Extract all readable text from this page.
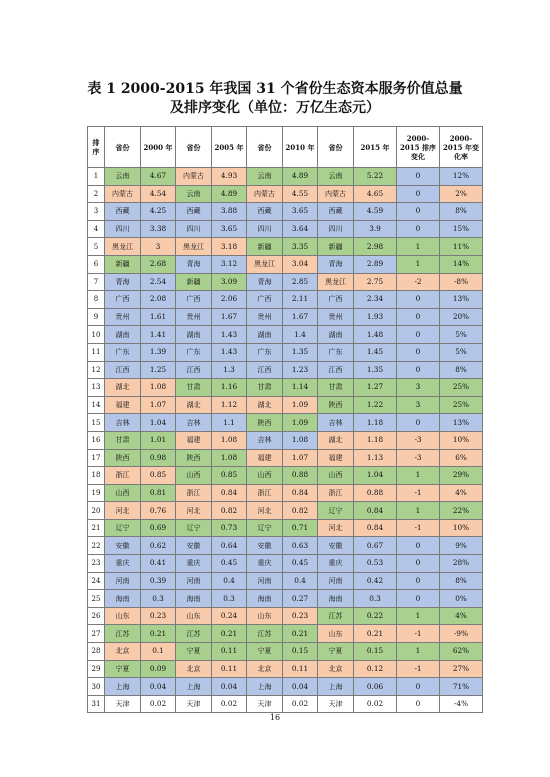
表 1 2000-2015 年我国 31 个省份生态资本服务价值总量
及排序变化（单位：万亿生态元）
排序	省份	2000 年	省份	2005 年	省份	2010 年	省份	2015 年	2000-2015 排序变化	2000-2015 年变化率
1	云南	4.67	内蒙古	4.93	云南	4.89	云南	5.22	0	12%
2	内蒙古	4.54	云南	4.89	内蒙古	4.55	内蒙古	4.65	0	2%
3	西藏	4.25	西藏	3.88	西藏	3.65	西藏	4.59	0	8%
4	四川	3.38	四川	3.65	四川	3.64	四川	3.9	0	15%
5	黑龙江	3	黑龙江	3.18	新疆	3.35	新疆	2.98	1	11%
6	新疆	2.68	青海	3.12	黑龙江	3.04	青海	2.89	1	14%
7	青海	2.54	新疆	3.09	青海	2.85	黑龙江	2.75	-2	-8%
8	广西	2.08	广西	2.06	广西	2.11	广西	2.34	0	13%
9	贵州	1.61	贵州	1.67	贵州	1.67	贵州	1.93	0	20%
10	湖南	1.41	湖南	1.43	湖南	1.4	湖南	1.48	0	5%
11	广东	1.39	广东	1.43	广东	1.35	广东	1.45	0	5%
12	江西	1.25	江西	1.3	江西	1.23	江西	1.35	0	8%
13	湖北	1.08	甘肃	1.16	甘肃	1.14	甘肃	1.27	3	25%
14	福建	1.07	湖北	1.12	湖北	1.09	陕西	1.22	3	25%
15	吉林	1.04	吉林	1.1	陕西	1.09	吉林	1.18	0	13%
16	甘肃	1.01	福建	1.08	吉林	1.08	湖北	1.18	-3	10%
17	陕西	0.98	陕西	1.08	福建	1.07	福建	1.13	-3	6%
18	浙江	0.85	山西	0.85	山西	0.88	山西	1.04	1	29%
19	山西	0.81	浙江	0.84	浙江	0.84	浙江	0.88	-1	4%
20	河北	0.76	河北	0.82	河北	0.82	辽宁	0.84	1	22%
21	辽宁	0.69	辽宁	0.73	辽宁	0.71	河北	0.84	-1	10%
22	安徽	0.62	安徽	0.64	安徽	0.63	安徽	0.67	0	9%
23	重庆	0.41	重庆	0.45	重庆	0.45	重庆	0.53	0	28%
24	河南	0.39	河南	0.4	河南	0.4	河南	0.42	0	8%
25	海南	0.3	海南	0.3	海南	0.27	海南	0.3	0	0%
26	山东	0.23	山东	0.24	山东	0.23	江苏	0.22	1	4%
27	江苏	0.21	江苏	0.21	江苏	0.21	山东	0.21	-1	-9%
28	北京	0.1	宁夏	0.11	宁夏	0.15	宁夏	0.15	1	62%
29	宁夏	0.09	北京	0.11	北京	0.11	北京	0.12	-1	27%
30	上海	0.04	上海	0.04	上海	0.04	上海	0.06	0	71%
31	天津	0.02	天津	0.02	天津	0.02	天津	0.02	0	-4%
16
